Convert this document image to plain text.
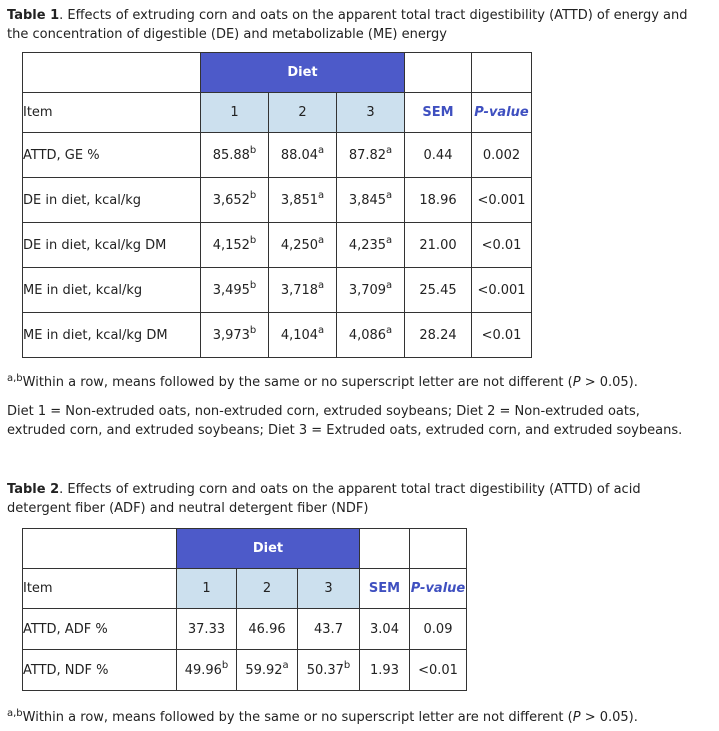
Table 1. Effects of extruding corn and oats on the apparent total tract digestibility (ATTD) of energy and
the concentration of digestible (DE) and metabolizable (ME) energy
	Diet				
Item	1	2	3	SEM	P-value
ATTD, GE %	85.88$^b$	88.04$^a$	87.82$^a$	0.44	0.002
DE in diet, kcal/kg	3,652$^b$	3,851$^a$	3,845$^a$	18.96	<0.001
DE in diet, kcal/kg DM	4,152$^b$	4,250$^a$	4,235$^a$	21.00	<0.01
ME in diet, kcal/kg	3,495$^b$	3,718$^a$	3,709$^a$	25.45	<0.001
ME in diet, kcal/kg DM	3,973$^b$	4,104$^a$	4,086$^a$	28.24	<0.01
$^{a,b}$Within a row, means followed by the same or no superscript letter are not different (P > 0.05).
Diet 1 = Non-extruded oats, non-extruded corn, extruded soybeans; Diet 2 = Non-extruded oats,
extruded corn, and extruded soybeans; Diet 3 = Extruded oats, extruded corn, and extruded soybeans.
Table 2. Effects of extruding corn and oats on the apparent total tract digestibility (ATTD) of acid
detergent fiber (ADF) and neutral detergent fiber (NDF)
	Diet				
Item	1	2	3	SEM	P-value
ATTD, ADF %	37.33	46.96	43.7	3.04	0.09
ATTD, NDF %	49.96$^b$	59.92$^a$	50.37$^b$	1.93	<0.01
$^{a,b}$Within a row, means followed by the same or no superscript letter are not different (P > 0.05).
